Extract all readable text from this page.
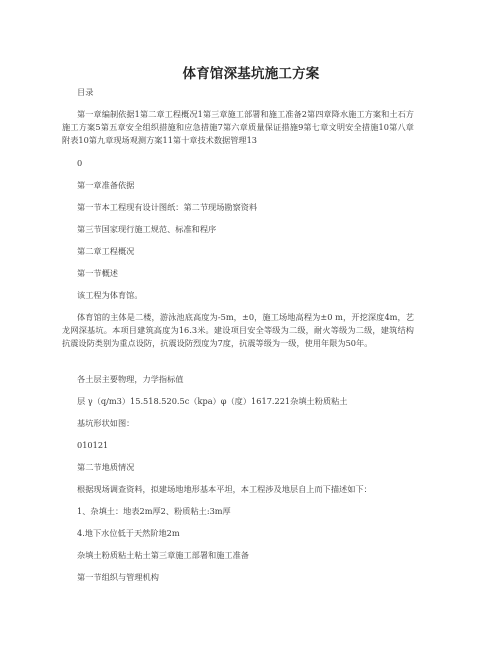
体育馆深基坑施工方案

目录

第一章编制依据1第二章工程概况1第三章施工部署和施工准备2第四章降水施工方案和土石方施工方案5第五章安全组织措施和应急措施7第六章质量保证措施9第七章文明安全措施10第八章附表10第九章现场观测方案11第十章技术数据管理13

0

第一章准备依据

第一节本工程现有设计图纸：第二节现场勘察资料

第三节国家现行施工规范、标准和程序

第二章工程概况

第一节概述

该工程为体育馆。

体育馆的主体是二楼，游泳池底高度为-5m，±0，施工场地高程为±0 m，开挖深度4m，艺龙网深基坑。本项目建筑高度为16.3米。建设项目安全等级为二级，耐火等级为二级，建筑结构抗震设防类别为重点设防，抗震设防烈度为7度，抗震等级为一级，使用年限为50年。

各土层主要物理，力学指标值

层 γ（q/m3）15.518.520.5c（kpa）φ（度）1617.221杂填土粉质粘土

基坑形状如图：

010121

第二节地质情况

根据现场调查资料，拟建场地地形基本平坦，本工程涉及地层自上而下描述如下：

1、杂填土：地表2m厚2、粉质粘土:3m厚

4.地下水位低于天然阶地2m

杂填土粉质粘土粘土第三章施工部署和施工准备

第一节组织与管理机构
